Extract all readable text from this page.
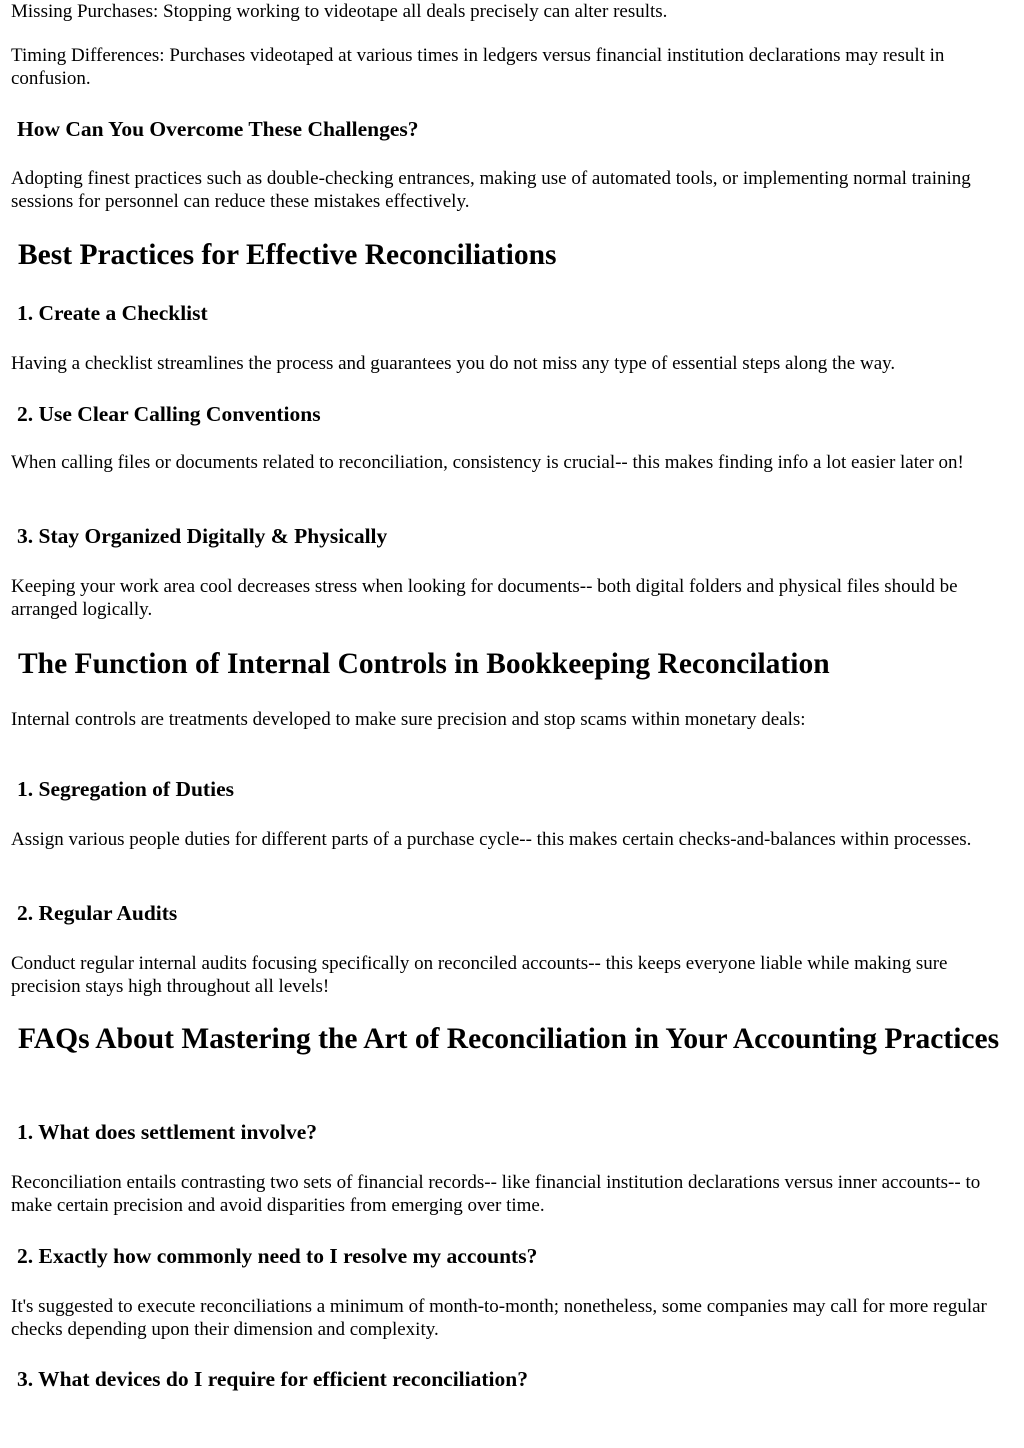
Missing Purchases: Stopping working to videotape all deals precisely can alter results.

Timing Differences: Purchases videotaped at various times in ledgers versus financial institution declarations may result in confusion.

How Can You Overcome These Challenges?

Adopting finest practices such as double-checking entrances, making use of automated tools, or implementing normal training sessions for personnel can reduce these mistakes effectively.

Best Practices for Effective Reconciliations
1. Create a Checklist

Having a checklist streamlines the process and guarantees you do not miss any type of essential steps along the way.

2. Use Clear Calling Conventions

When calling files or documents related to reconciliation, consistency is crucial-- this makes finding info a lot easier later on!

3. Stay Organized Digitally & Physically

Keeping your work area cool decreases stress when looking for documents-- both digital folders and physical files should be arranged logically.

The Function of Internal Controls in Bookkeeping Reconcilation

Internal controls are treatments developed to make sure precision and stop scams within monetary deals:

1. Segregation of Duties

Assign various people duties for different parts of a purchase cycle-- this makes certain checks-and-balances within processes.

2. Regular Audits

Conduct regular internal audits focusing specifically on reconciled accounts-- this keeps everyone liable while making sure precision stays high throughout all levels!

FAQs About Mastering the Art of Reconciliation in Your Accounting Practices
1. What does settlement involve?

Reconciliation entails contrasting two sets of financial records-- like financial institution declarations versus inner accounts-- to make certain precision and avoid disparities from emerging over time.

2. Exactly how commonly need to I resolve my accounts?

It's suggested to execute reconciliations a minimum of month-to-month; nonetheless, some companies may call for more regular checks depending upon their dimension and complexity.

3. What devices do I require for efficient reconciliation?
